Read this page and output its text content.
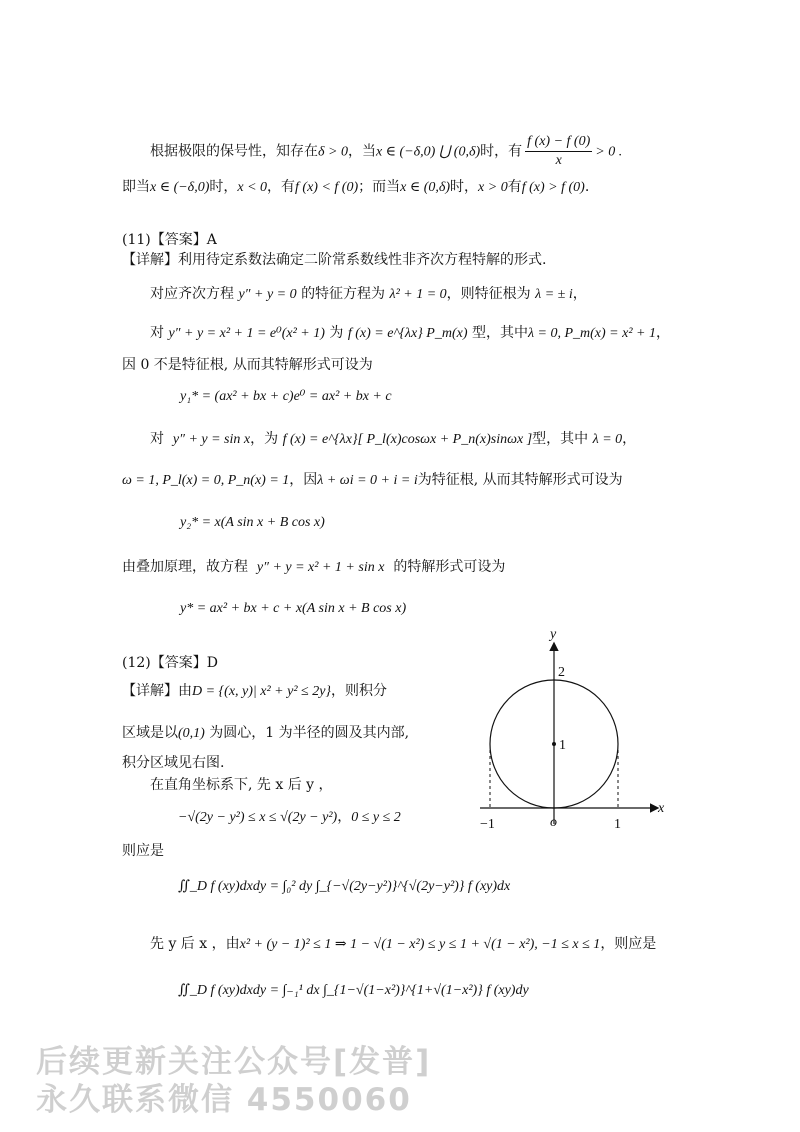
根据极限的保号性，知存在δ > 0，当x ∈ (−δ,0) ⋃ (0,δ)时，有 $\frac{f (x) - f (0)}{x} > 0$ .
即当x ∈ (−δ,0)时，x < 0，有f (x) < f (0)；而当x ∈ (0,δ)时，x > 0有f (x) > f (0).
(11)【答案】A
【详解】利用待定系数法确定二阶常系数线性非齐次方程特解的形式.
对应齐次方程 y″ + y = 0 的特征方程为 λ² + 1 = 0，则特征根为 λ = ± i，
对 y″ + y = x² + 1 = e⁰(x² + 1) 为 f (x) = e^{λx} P_m(x) 型，其中λ = 0, P_m(x) = x² + 1，
因 0 不是特征根, 从而其特解形式可设为
y₁* = (ax² + bx + c)e⁰ = ax² + bx + c
对 y″ + y = sin x，为 f (x) = e^{λx}[ P_l(x)cosωx + P_n(x)sinωx ]型，其中 λ = 0，
ω = 1, P_l(x) = 0, P_n(x) = 1，因λ + ωi = 0 + i = i为特征根, 从而其特解形式可设为
y₂* = x(A sin x + B cos x)
由叠加原理，故方程 y″ + y = x² + 1 + sin x 的特解形式可设为
y* = ax² + bx + c + x(A sin x + B cos x)
(12)【答案】D
【详解】由D = {(x, y)| x² + y² ≤ 2y}，则积分
区域是以(0,1) 为圆心，1 为半径的圆及其内部,
积分区域见右图.
在直角坐标系下, 先 x 后 y ，
−√(2y − y²) ≤ x ≤ √(2y − y²)，0 ≤ y ≤ 2
则应是
∬_D f (xy)dxdy = ∫₀² dy ∫_{−√(2y−y²)}^{√(2y−y²)} f (xy)dx
先 y 后 x ，由x² + (y − 1)² ≤ 1 ⇒ 1 − √(1 − x²) ≤ y ≤ 1 + √(1 − x²), −1 ≤ x ≤ 1，则应是
∬_D f (xy)dxdy = ∫₋₁¹ dx ∫_{1−√(1−x²)}^{1+√(1−x²)} f (xy)dy
y
x
2
1
o
−1	1
后续更新关注公众号[发普]
永久联系微信 4550060
